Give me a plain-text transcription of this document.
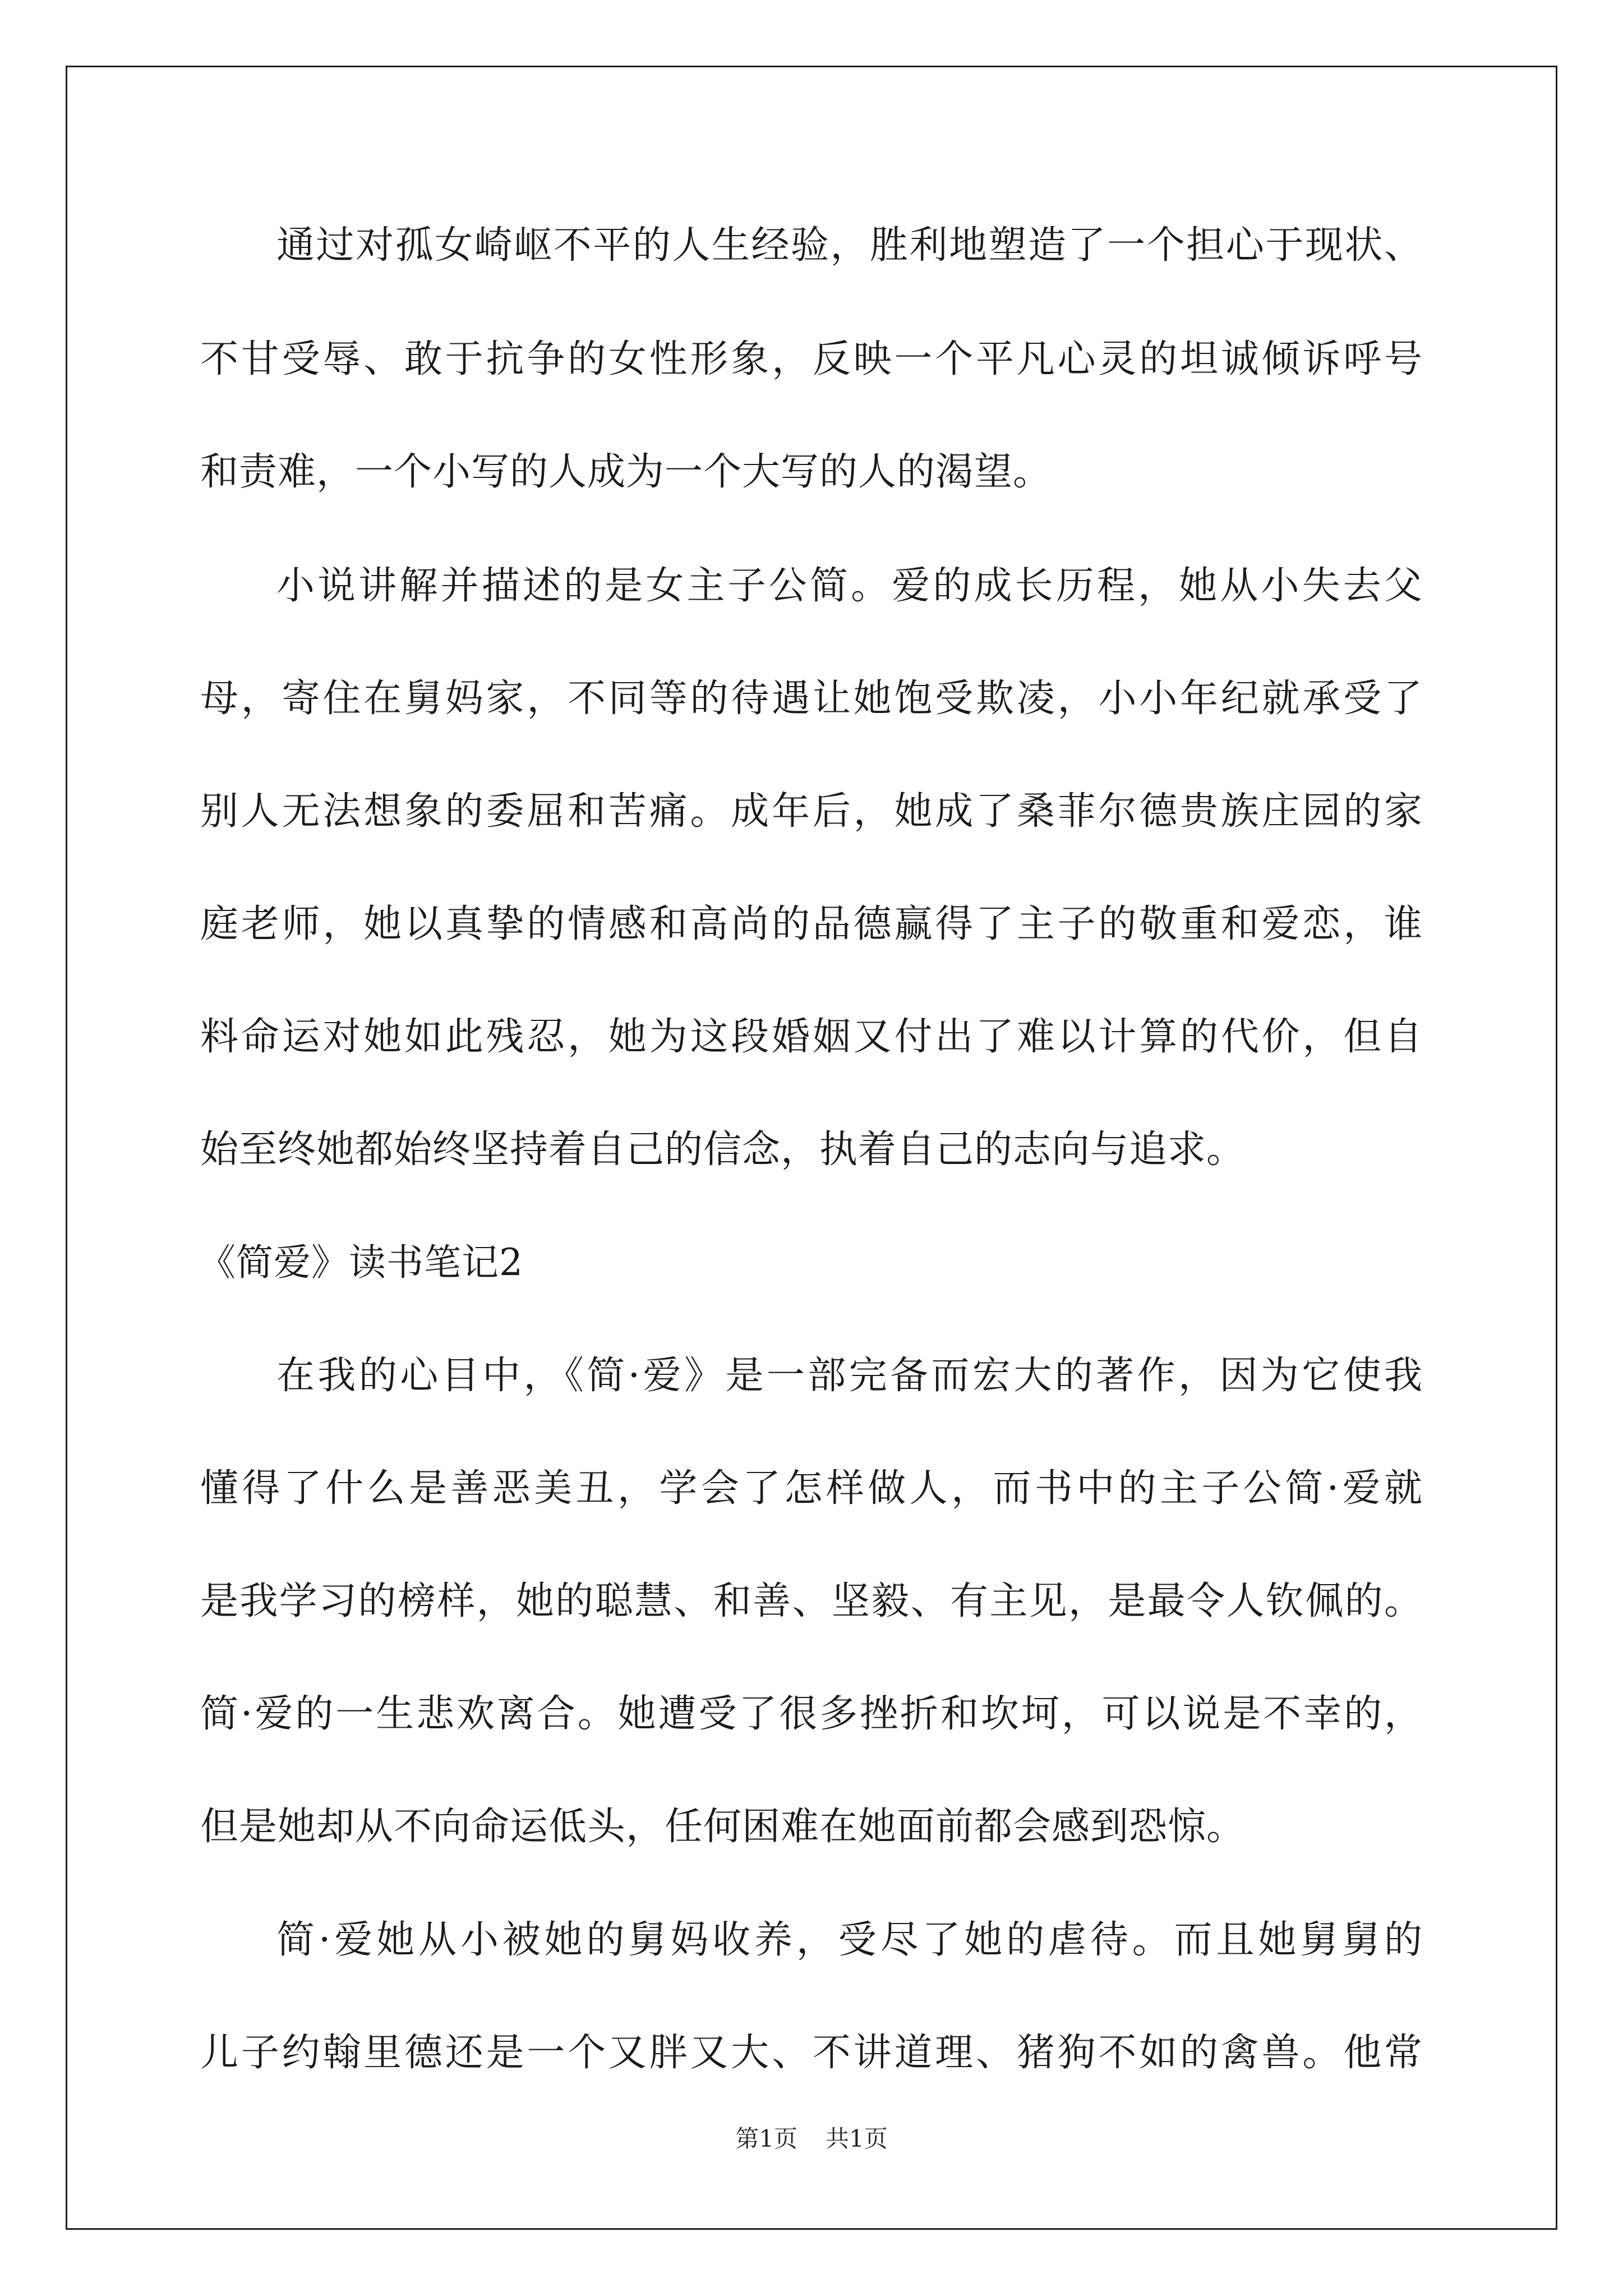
通过对孤女崎岖不平的人生经验，胜利地塑造了一个担心于现状、
不甘受辱、敢于抗争的女性形象，反映一个平凡心灵的坦诚倾诉呼号
和责难，一个小写的人成为一个大写的人的渴望。
小说讲解并描述的是女主子公简。爱的成长历程，她从小失去父
母，寄住在舅妈家，不同等的待遇让她饱受欺凌，小小年纪就承受了
别人无法想象的委屈和苦痛。成年后，她成了桑菲尔德贵族庄园的家
庭老师，她以真挚的情感和高尚的品德赢得了主子的敬重和爱恋，谁
料命运对她如此残忍，她为这段婚姻又付出了难以计算的代价，但自
始至终她都始终坚持着自己的信念，执着自己的志向与追求。
《简爱》读书笔记2
在我的心目中，《简·爱》是一部完备而宏大的著作，因为它使我
懂得了什么是善恶美丑，学会了怎样做人，而书中的主子公简·爱就
是我学习的榜样，她的聪慧、和善、坚毅、有主见，是最令人钦佩的。
简·爱的一生悲欢离合。她遭受了很多挫折和坎坷，可以说是不幸的，
但是她却从不向命运低头，任何困难在她面前都会感到恐惊。
简·爱她从小被她的舅妈收养，受尽了她的虐待。而且她舅舅的
儿子约翰里德还是一个又胖又大、不讲道理、猪狗不如的禽兽。他常
第1页 共1页
